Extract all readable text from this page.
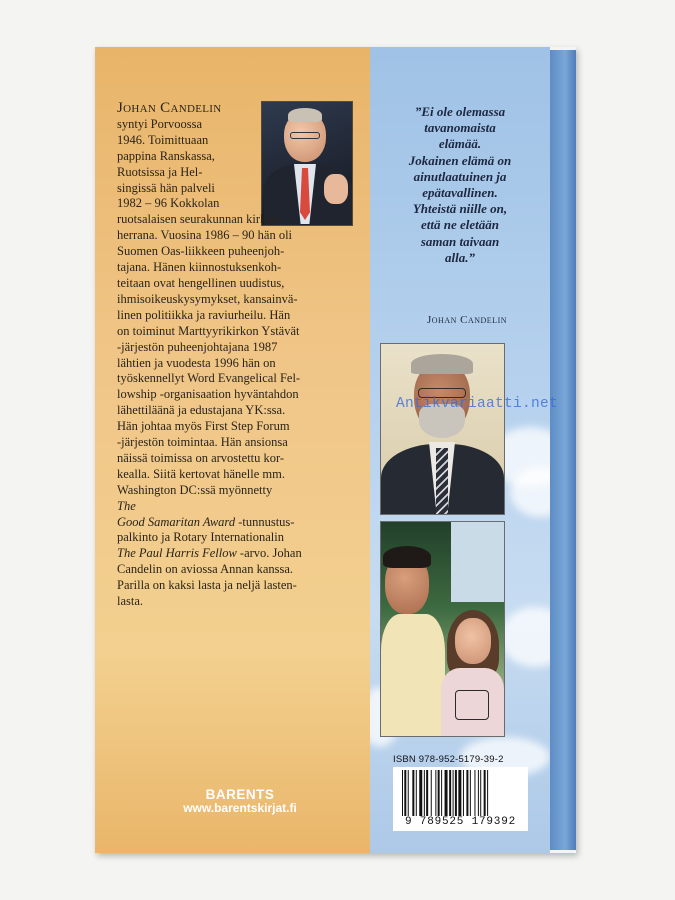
Johan Candelin
syntyi Porvoossa
1946. Toimittuaan
pappina Ranskassa,
Ruotsissa ja Hel-
singissä hän palveli
1982 – 96 Kokkolan
ruotsalaisen seurakunnan kirkko-
herrana. Vuosina 1986 – 90 hän oli
Suomen Oas-liikkeen puheenjoh-
tajana. Hänen kiinnostuksenkoh-
teitaan ovat hengellinen uudistus,
ihmisoikeuskysymykset, kansainvä-
linen politiikka ja raviurheilu. Hän
on toiminut Marttyyrikirkon Ystävät
-järjestön puheenjohtajana 1987
lähtien ja vuodesta 1996 hän on
työskennellyt Word Evangelical Fel-
lowship -organisaation hyväntahdon
lähettiläänä ja edustajana YK:ssa.
Hän johtaa myös First Step Forum
-järjestön toimintaa. Hän ansionsa
näissä toimissa on arvostettu kor-
kealla. Siitä kertovat hänelle mm.
Washington DC:ssä myönnetty
The
Good Samaritan Award -tunnustus-
palkinto ja Rotary Internationalin
The Paul Harris Fellow -arvo. Johan
Candelin on aviossa Annan kanssa.
Parilla on kaksi lasta ja neljä lasten-
lasta.
”Ei ole olemassa
tavanomaista
elämää.
Jokainen elämä on
ainutlaatuinen ja
epätavallinen.
Yhteistä niille on,
että ne eletään
saman taivaan
alla.”
Johan Candelin
Antikvariaatti.net
ISBN 978-952-5179-39-2
9 789525 179392
BARENTS
www.barentskirjat.fi
